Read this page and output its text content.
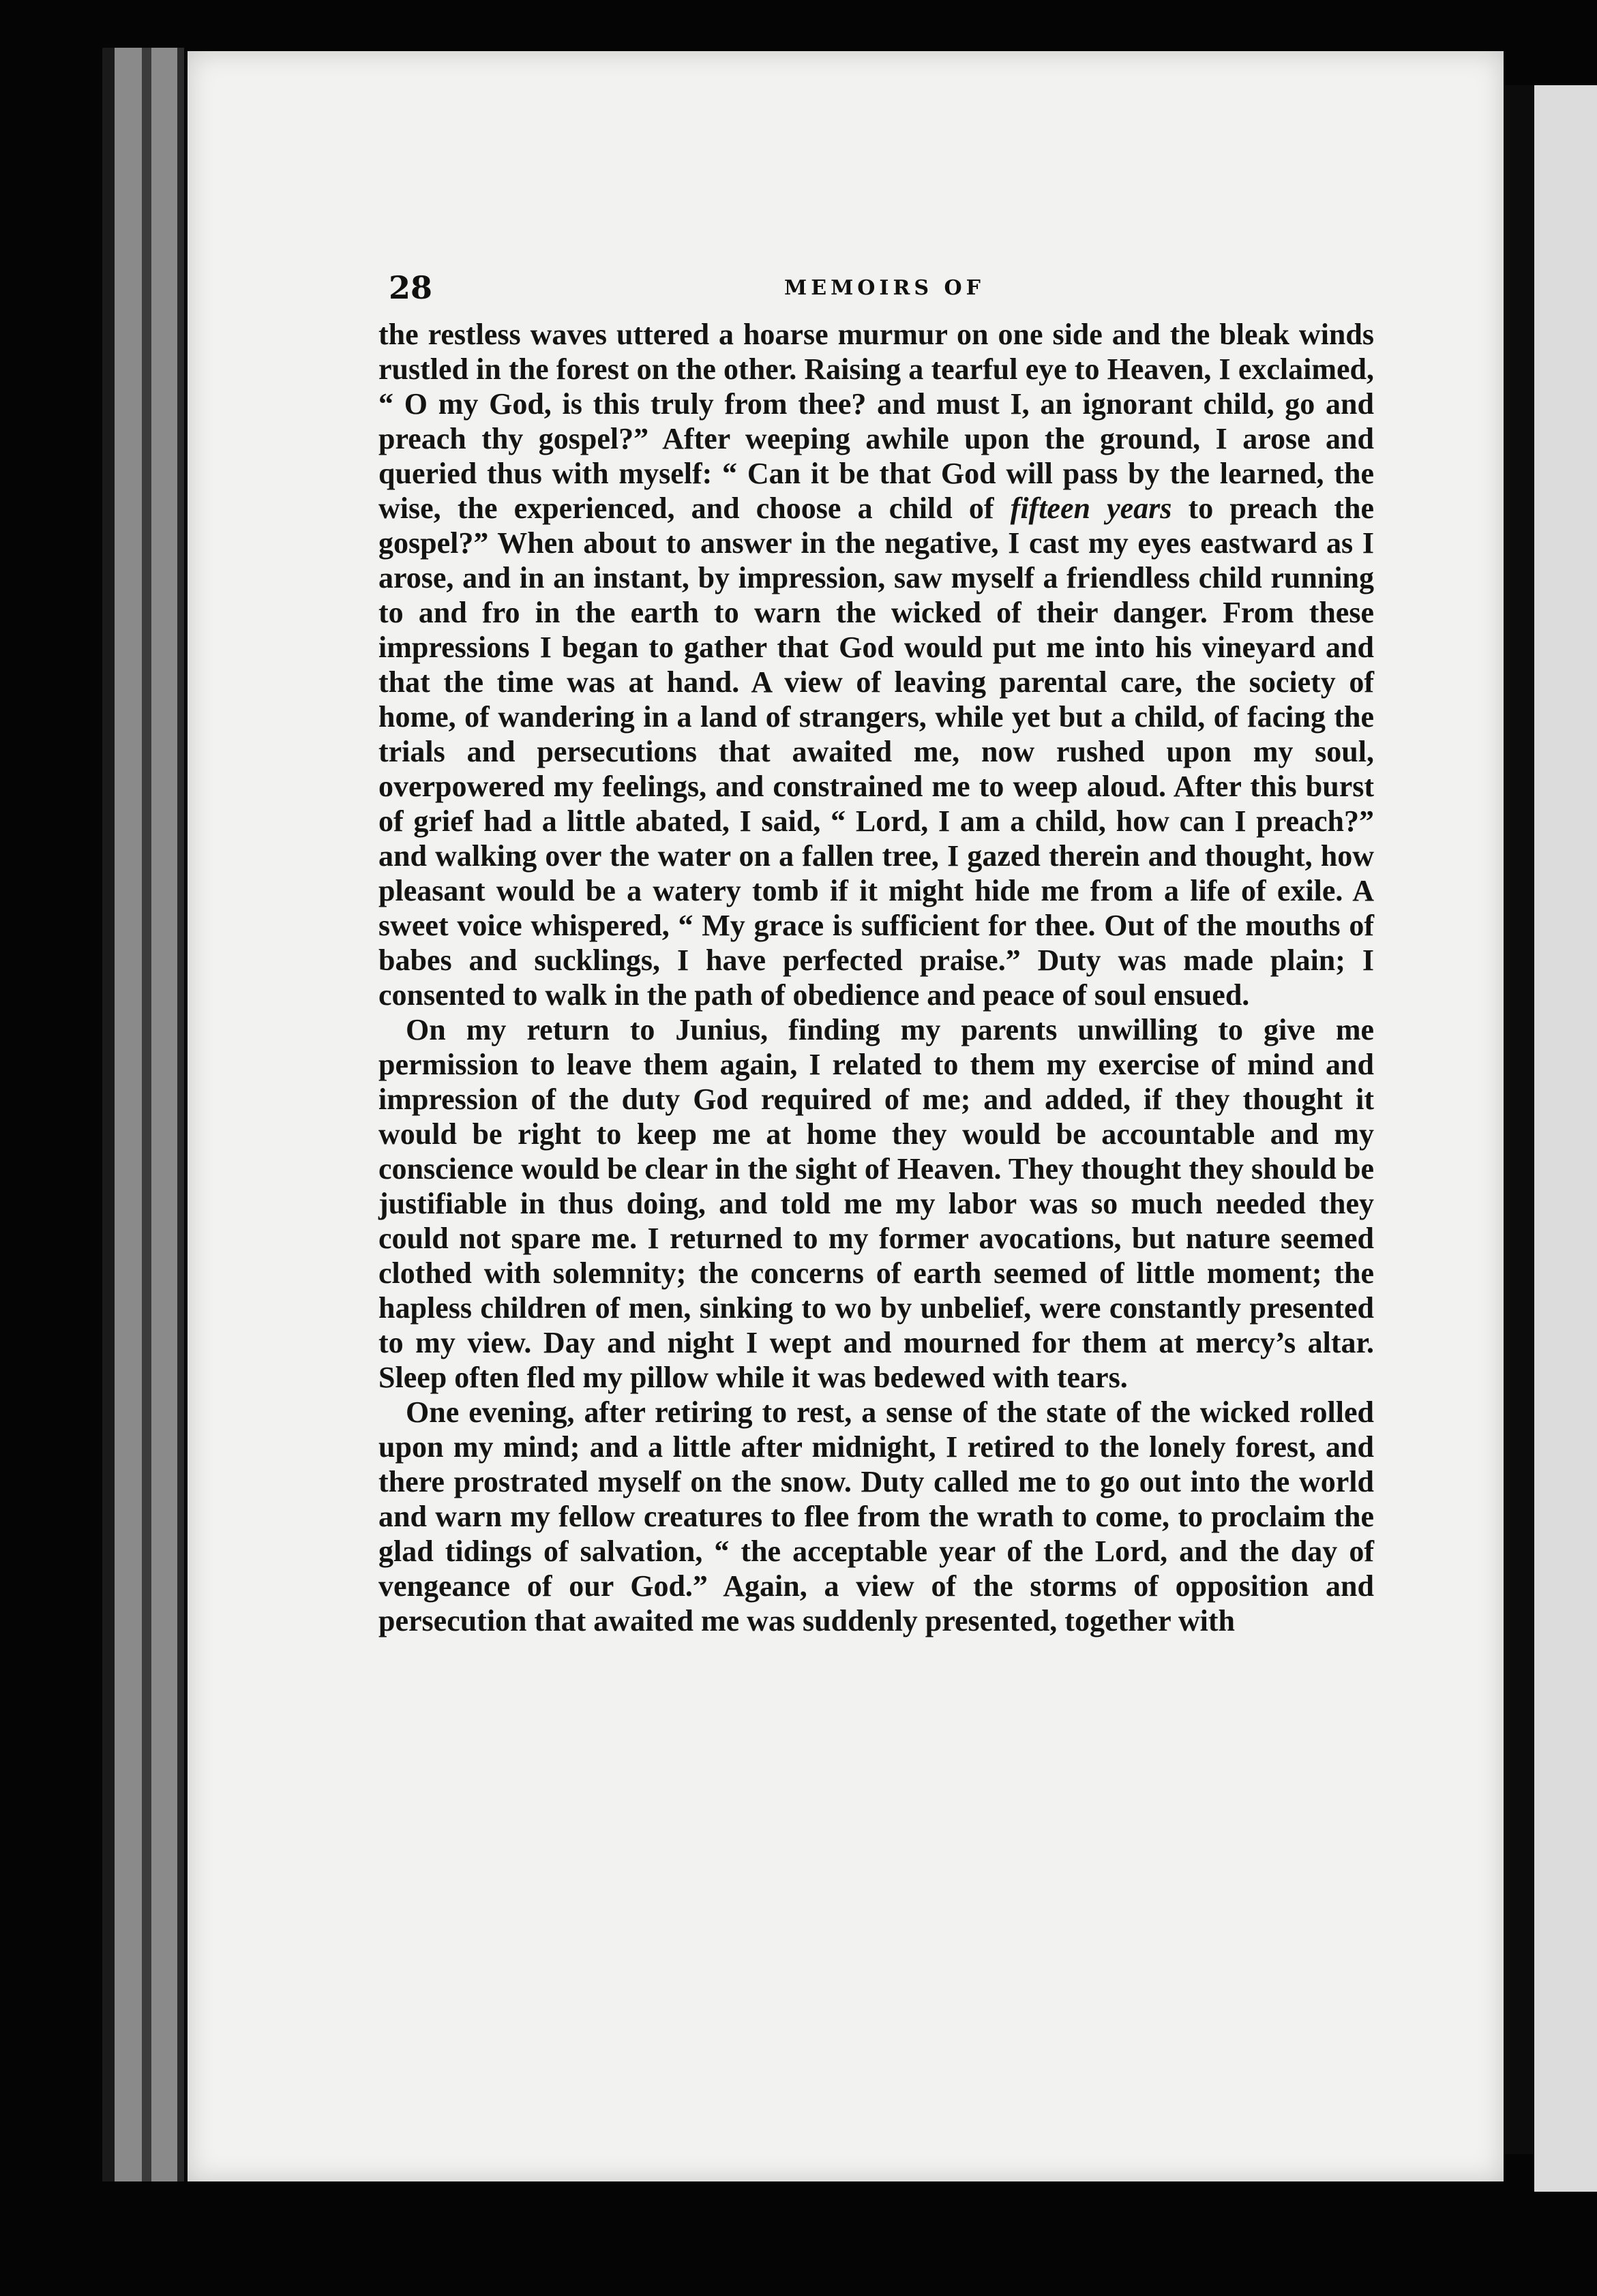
28	MEMOIRS OF

the restless waves uttered a hoarse murmur on one side and the bleak winds rustled in the forest on the other. Raising a tearful eye to Heaven, I exclaimed, “ O my God, is this truly from thee? and must I, an ignorant child, go and preach thy gospel?” After weeping awhile upon the ground, I arose and queried thus with myself: “ Can it be that God will pass by the learned, the wise, the experienced, and choose a child of fifteen years to preach the gospel?” When about to answer in the negative, I cast my eyes eastward as I arose, and in an instant, by impression, saw myself a friendless child running to and fro in the earth to warn the wicked of their danger. From these impressions I began to gather that God would put me into his vineyard and that the time was at hand. A view of leaving parental care, the society of home, of wandering in a land of strangers, while yet but a child, of facing the trials and persecutions that awaited me, now rushed upon my soul, overpowered my feelings, and constrained me to weep aloud. After this burst of grief had a little abated, I said, “ Lord, I am a child, how can I preach?” and walking over the water on a fallen tree, I gazed therein and thought, how pleasant would be a watery tomb if it might hide me from a life of exile. A sweet voice whispered, “ My grace is sufficient for thee. Out of the mouths of babes and sucklings, I have perfected praise.” Duty was made plain; I consented to walk in the path of obedience and peace of soul ensued.

On my return to Junius, finding my parents unwilling to give me permission to leave them again, I related to them my exercise of mind and impression of the duty God required of me; and added, if they thought it would be right to keep me at home they would be accountable and my conscience would be clear in the sight of Heaven. They thought they should be justifiable in thus doing, and told me my labor was so much needed they could not spare me. I returned to my former avocations, but nature seemed clothed with solemnity; the concerns of earth seemed of little moment; the hapless children of men, sinking to wo by unbelief, were constantly presented to my view. Day and night I wept and mourned for them at mercy’s altar. Sleep often fled my pillow while it was bedewed with tears.

One evening, after retiring to rest, a sense of the state of the wicked rolled upon my mind; and a little after midnight, I retired to the lonely forest, and there prostrated myself on the snow. Duty called me to go out into the world and warn my fellow creatures to flee from the wrath to come, to proclaim the glad tidings of salvation, “ the acceptable year of the Lord, and the day of vengeance of our God.” Again, a view of the storms of opposition and persecution that awaited me was suddenly presented, together with
